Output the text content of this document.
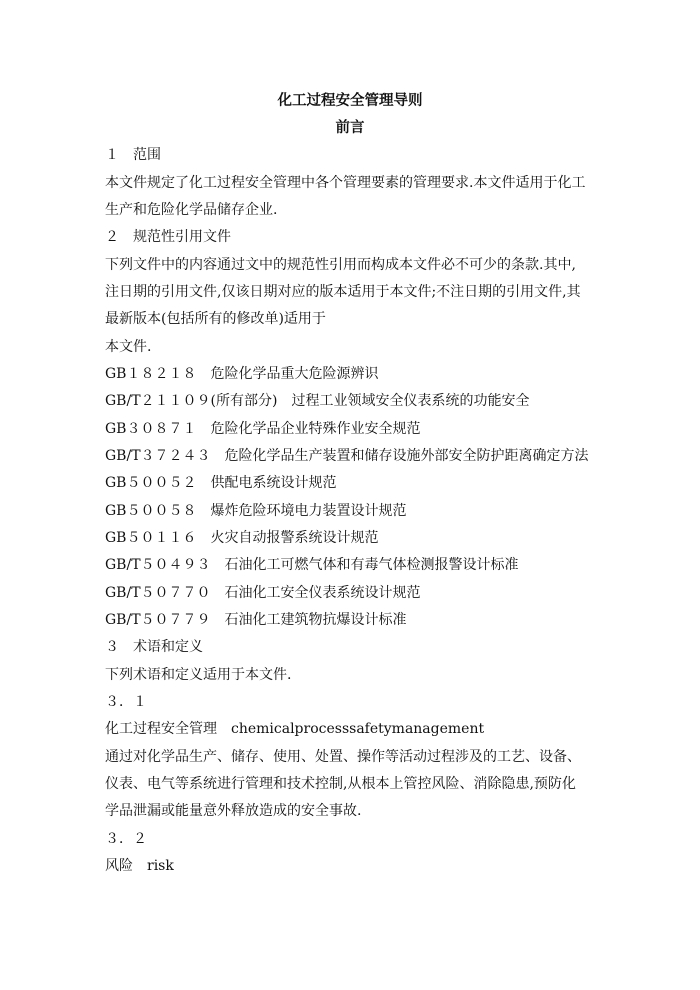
化工过程安全管理导则
前言
１　范围
本文件规定了化工过程安全管理中各个管理要素的管理要求.本文件适用于化工
生产和危险化学品储存企业.
２　规范性引用文件
下列文件中的内容通过文中的规范性引用而构成本文件必不可少的条款.其中,
注日期的引用文件,仅该日期对应的版本适用于本文件;不注日期的引用文件,其
最新版本(包括所有的修改单)适用于
本文件.
GB１８２１８　危险化学品重大危险源辨识
GB/T２１１０９(所有部分)　过程工业领域安全仪表系统的功能安全
GB３０８７１　危险化学品企业特殊作业安全规范
GB/T３７２４３　危险化学品生产装置和储存设施外部安全防护距离确定方法
GB５００５２　供配电系统设计规范
GB５００５８　爆炸危险环境电力装置设计规范
GB５０１１６　火灾自动报警系统设计规范
GB/T５０４９３　石油化工可燃气体和有毒气体检测报警设计标准
GB/T５０７７０　石油化工安全仪表系统设计规范
GB/T５０７７９　石油化工建筑物抗爆设计标准
３　术语和定义
下列术语和定义适用于本文件.
３．１
化工过程安全管理　chemicalprocesssafetymanagement
通过对化学品生产、储存、使用、处置、操作等活动过程涉及的工艺、设备、
仪表、电气等系统进行管理和技术控制,从根本上管控风险、消除隐患,预防化
学品泄漏或能量意外释放造成的安全事故.
３．２
风险　risk
